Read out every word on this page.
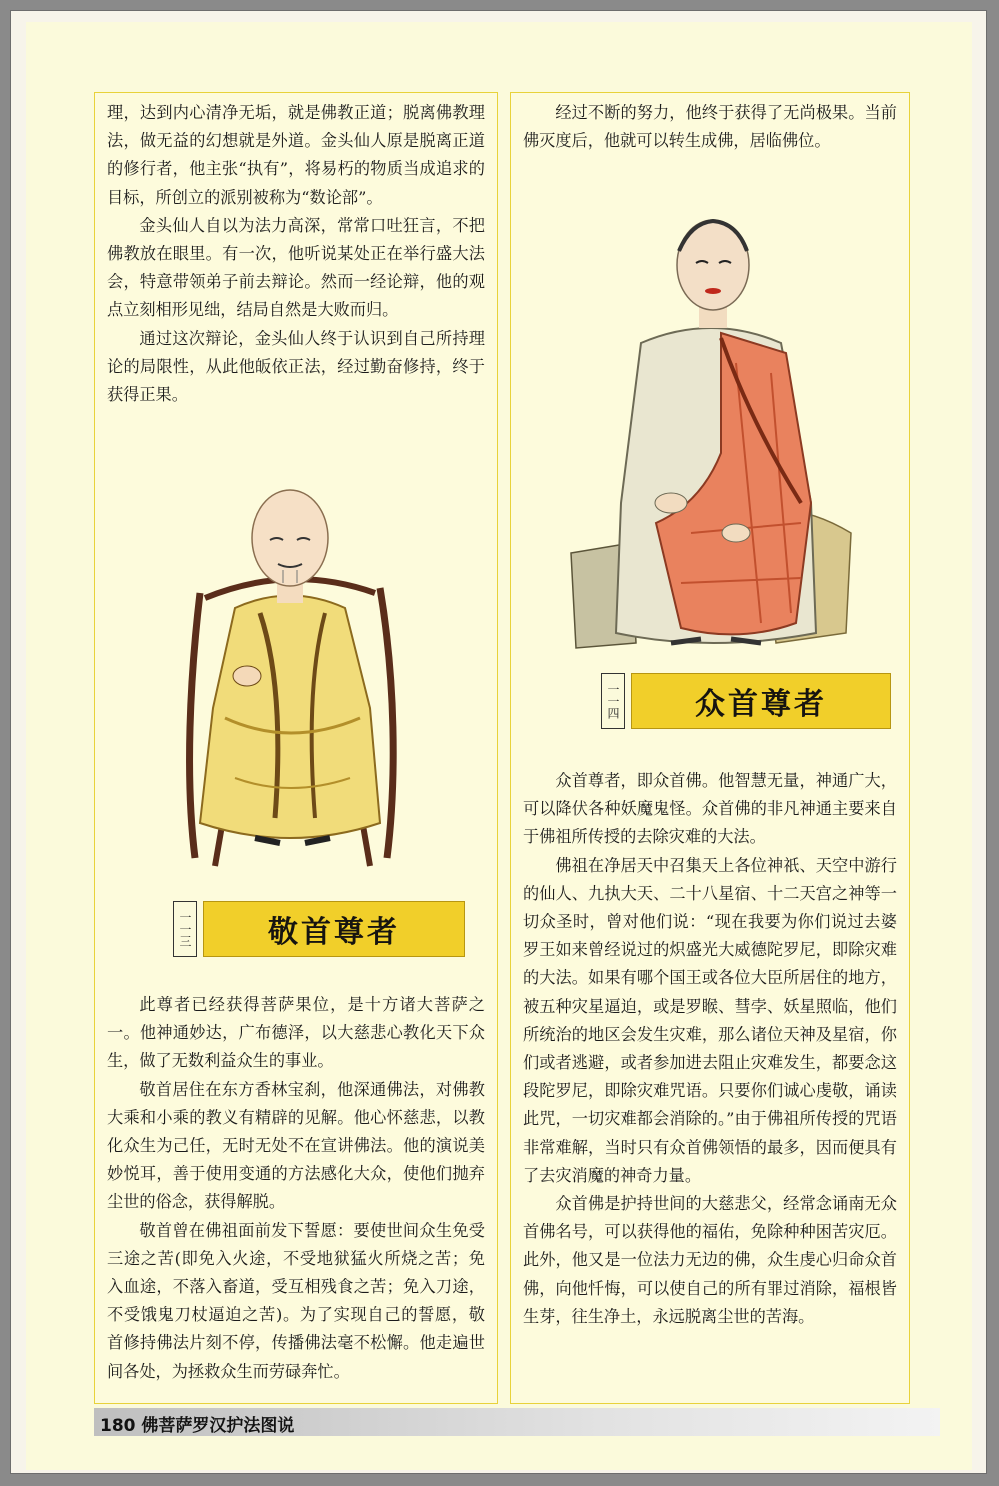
理，达到内心清净无垢，就是佛教正道；脱离佛教理法，做无益的幻想就是外道。金头仙人原是脱离正道的修行者，他主张“执有”，将易朽的物质当成追求的目标，所创立的派别被称为“数论部”。

金头仙人自以为法力高深，常常口吐狂言，不把佛教放在眼里。有一次，他听说某处正在举行盛大法会，特意带领弟子前去辩论。然而一经论辩，他的观点立刻相形见绌，结局自然是大败而归。

通过这次辩论，金头仙人终于认识到自己所持理论的局限性，从此他皈依正法，经过勤奋修持，终于获得正果。

一一三	敬首尊者

此尊者已经获得菩萨果位，是十方诸大菩萨之一。他神通妙达，广布德泽，以大慈悲心教化天下众生，做了无数利益众生的事业。

敬首居住在东方香林宝刹，他深通佛法，对佛教大乘和小乘的教义有精辟的见解。他心怀慈悲，以教化众生为己任，无时无处不在宣讲佛法。他的演说美妙悦耳，善于使用变通的方法感化大众，使他们抛弃尘世的俗念，获得解脱。

敬首曾在佛祖面前发下誓愿：要使世间众生免受三途之苦(即免入火途，不受地狱猛火所烧之苦；免入血途，不落入畜道，受互相残食之苦；免入刀途，不受饿鬼刀杖逼迫之苦)。为了实现自己的誓愿，敬首修持佛法片刻不停，传播佛法毫不松懈。他走遍世间各处，为拯救众生而劳碌奔忙。

经过不断的努力，他终于获得了无尚极果。当前佛灭度后，他就可以转生成佛，居临佛位。

一一四	众首尊者

众首尊者，即众首佛。他智慧无量，神通广大，可以降伏各种妖魔鬼怪。众首佛的非凡神通主要来自于佛祖所传授的去除灾难的大法。

佛祖在净居天中召集天上各位神祇、天空中游行的仙人、九执大天、二十八星宿、十二天宫之神等一切众圣时，曾对他们说：“现在我要为你们说过去婆罗王如来曾经说过的炽盛光大威德陀罗尼，即除灾难的大法。如果有哪个国王或各位大臣所居住的地方，被五种灾星逼迫，或是罗睺、彗孛、妖星照临，他们所统治的地区会发生灾难，那么诸位天神及星宿，你们或者逃避，或者参加进去阻止灾难发生，都要念这段陀罗尼，即除灾难咒语。只要你们诚心虔敬，诵读此咒，一切灾难都会消除的。”由于佛祖所传授的咒语非常难解，当时只有众首佛领悟的最多，因而便具有了去灾消魔的神奇力量。

众首佛是护持世间的大慈悲父，经常念诵南无众首佛名号，可以获得他的福佑，免除种种困苦灾厄。此外，他又是一位法力无边的佛，众生虔心归命众首佛，向他忏悔，可以使自己的所有罪过消除，福根皆生芽，往生净土，永远脱离尘世的苦海。

180 佛菩萨罗汉护法图说
